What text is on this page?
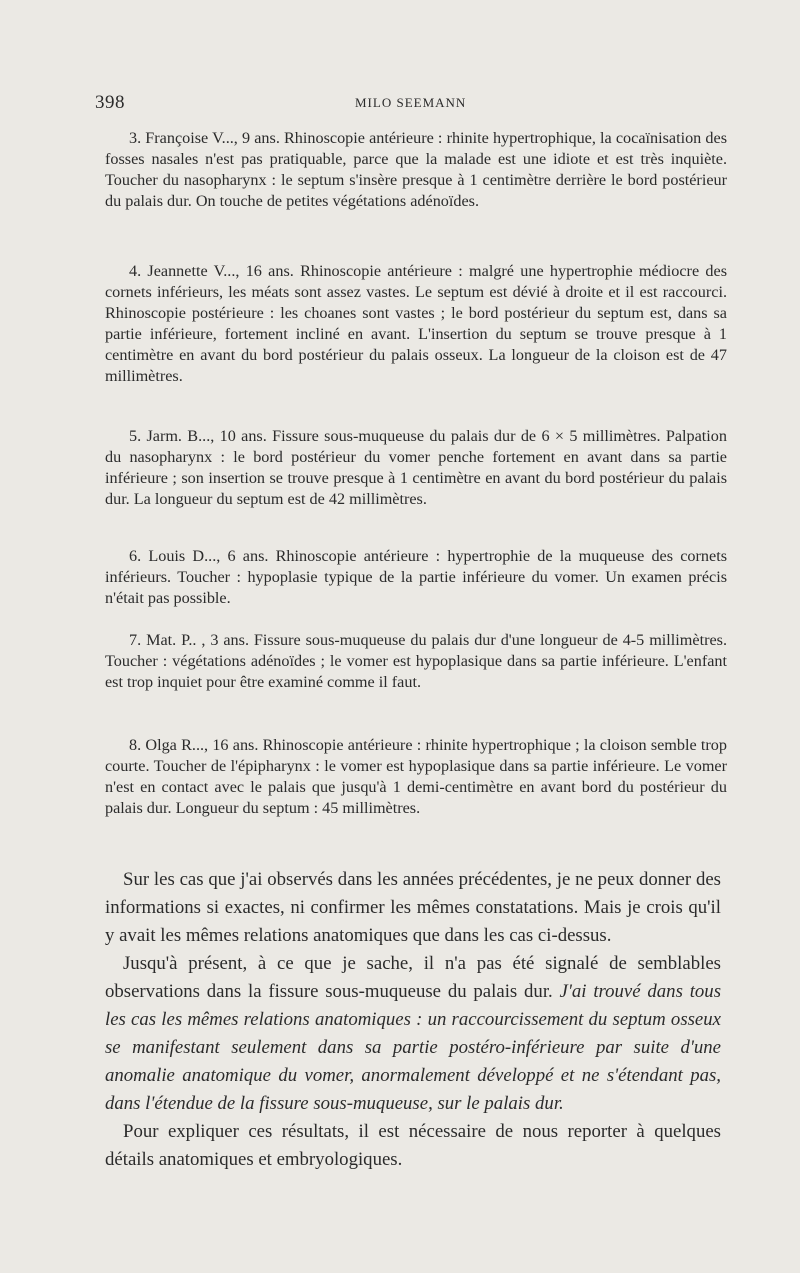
398	MILO SEEMANN

3. Françoise V..., 9 ans. Rhinoscopie antérieure : rhinite hypertrophique, la cocaïnisation des fosses nasales n'est pas pratiquable, parce que la malade est une idiote et est très inquiète. Toucher du nasopharynx : le septum s'insère presque à 1 centimètre derrière le bord postérieur du palais dur. On touche de petites végétations adénoïdes.

4. Jeannette V..., 16 ans. Rhinoscopie antérieure : malgré une hypertrophie médiocre des cornets inférieurs, les méats sont assez vastes. Le septum est dévié à droite et il est raccourci. Rhinoscopie postérieure : les choanes sont vastes ; le bord postérieur du septum est, dans sa partie inférieure, fortement incliné en avant. L'insertion du septum se trouve presque à 1 centimètre en avant du bord postérieur du palais osseux. La longueur de la cloison est de 47 millimètres.

5. Jarm. B..., 10 ans. Fissure sous-muqueuse du palais dur de 6 × 5 millimètres. Palpation du nasopharynx : le bord postérieur du vomer penche fortement en avant dans sa partie inférieure ; son insertion se trouve presque à 1 centimètre en avant du bord postérieur du palais dur. La longueur du septum est de 42 millimètres.

6. Louis D..., 6 ans. Rhinoscopie antérieure : hypertrophie de la muqueuse des cornets inférieurs. Toucher : hypoplasie typique de la partie inférieure du vomer. Un examen précis n'était pas possible.

7. Mat. P.. , 3 ans. Fissure sous-muqueuse du palais dur d'une longueur de 4-5 millimètres. Toucher : végétations adénoïdes ; le vomer est hypoplasique dans sa partie inférieure. L'enfant est trop inquiet pour être examiné comme il faut.

8. Olga R..., 16 ans. Rhinoscopie antérieure : rhinite hypertrophique ; la cloison semble trop courte. Toucher de l'épipharynx : le vomer est hypoplasique dans sa partie inférieure. Le vomer n'est en contact avec le palais que jusqu'à 1 demi-centimètre en avant bord du postérieur du palais dur. Longueur du septum : 45 millimètres.

Sur les cas que j'ai observés dans les années précédentes, je ne peux donner des informations si exactes, ni confirmer les mêmes constatations. Mais je crois qu'il y avait les mêmes relations anatomiques que dans les cas ci-dessus.

Jusqu'à présent, à ce que je sache, il n'a pas été signalé de semblables observations dans la fissure sous-muqueuse du palais dur. J'ai trouvé dans tous les cas les mêmes relations anatomiques : un raccourcissement du septum osseux se manifestant seulement dans sa partie postéro-inférieure par suite d'une anomalie anatomique du vomer, anormalement développé et ne s'étendant pas, dans l'étendue de la fissure sous-muqueuse, sur le palais dur.

Pour expliquer ces résultats, il est nécessaire de nous reporter à quelques détails anatomiques et embryologiques.
